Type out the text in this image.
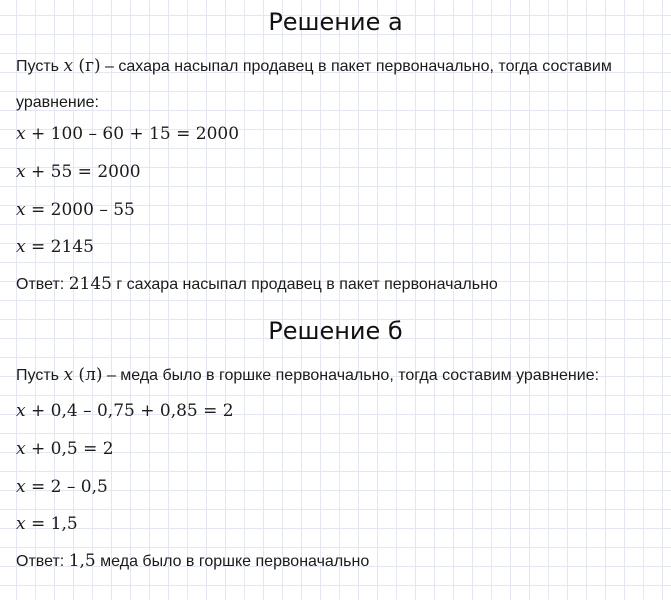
Решение а

Пусть x (г) – сахара насыпал продавец в пакет первоначально, тогда составим

уравнение:

x + 100 – 60 + 15 = 2000

x + 55 = 2000

x = 2000 – 55

x = 2145

Ответ: 2145 г сахара насыпал продавец в пакет первоначально

Решение б

Пусть x (л) – меда было в горшке первоначально, тогда составим уравнение:

x + 0,4 – 0,75 + 0,85 = 2

x + 0,5 = 2

x = 2 – 0,5

x = 1,5

Ответ: 1,5 меда было в горшке первоначально
